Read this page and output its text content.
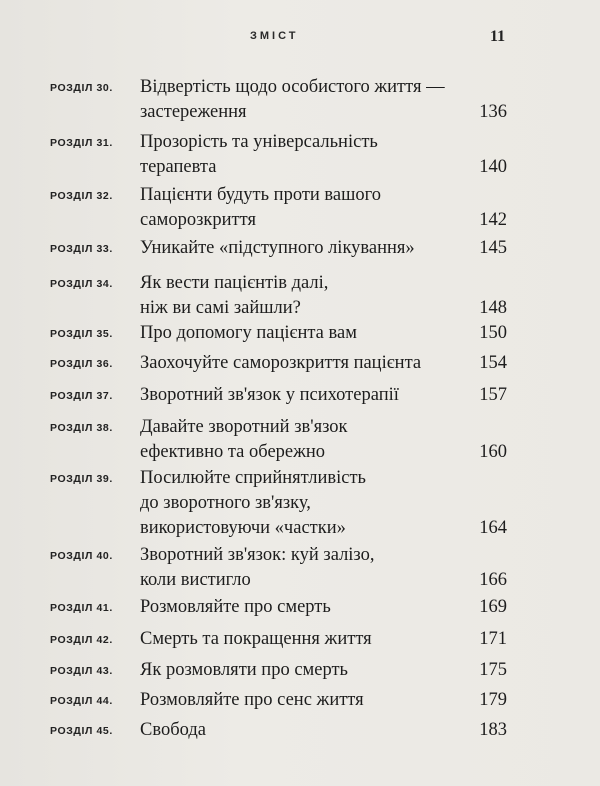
ЗМІСТ	11
РОЗДІЛ 30. Відвертість щодо особистого життя —
застереження	136
РОЗДІЛ 31. Прозорість та універсальність
терапевта	140
РОЗДІЛ 32. Пацієнти будуть проти вашого
саморозкриття	142
РОЗДІЛ 33. Уникайте «підступного лікування»	145
РОЗДІЛ 34. Як вести пацієнтів далі,
ніж ви самі зайшли?	148
РОЗДІЛ 35. Про допомогу пацієнта вам	150
РОЗДІЛ 36. Заохочуйте саморозкриття пацієнта	154
РОЗДІЛ 37. Зворотний зв'язок у психотерапії	157
РОЗДІЛ 38. Давайте зворотний зв'язок
ефективно та обережно	160
РОЗДІЛ 39. Посилюйте сприйнятливість
до зворотного зв'язку,
використовуючи «частки»	164
РОЗДІЛ 40. Зворотний зв'язок: куй залізо,
коли вистигло	166
РОЗДІЛ 41. Розмовляйте про смерть	169
РОЗДІЛ 42. Смерть та покращення життя	171
РОЗДІЛ 43. Як розмовляти про смерть	175
РОЗДІЛ 44. Розмовляйте про сенс життя	179
РОЗДІЛ 45. Свобода	183
